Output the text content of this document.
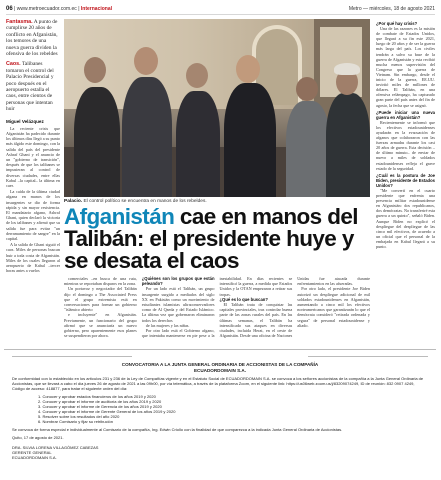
06 | www.metroecuador.com.ec | Internacional	Metro — miércoles, 18 de agosto 2021
Fantasma. A punto de cumplirse 20 años de conflicto en Afganistán, los temores de una nueva guerra dividen la ofensiva de los rebeldes
Caos. Talibanes tomaron el control del Palacio Presidencial y poco después en el aeropuerto estalla el caos, entre cientos de personas que intentan huir
Miguel Velázquez

La reciente crisis que Afganistán ha padecido durante los últimos días llegó a su punto más álgido este domingo, con la salida del país del presidente Ashraf Ghani y el anuncio de un "gobierno de transición", después de que los talibanes se impusieran al control de diversas ciudades, entre ellas Kabul –la capital– la última en caer.

La caída de la última ciudad afgana en manos de los insurgentes se dio de forma rápida y sin mayor resistencia. El mandatario afgano, Ashraf Ghani, quien declaró la victoria de los talibanes y afirmó que su salida fue para evitar "un derramamiento de sangre" en la capital.

A la salida de Ghani siguió el caos. Miles de personas buscan huir a toda costa de Afganistán. Miles de los cuales llegaron al aeropuerto de Kabul –tercer horas antes a vuelos

Palacio. El control político se encuentra en manos de los rebeldes.
Afganistán cae en manos del Talibán: el presidente huye y se desata el caos

comerciales –en busca de una ruta, mientras se reportaban disparos en la zona.

Un portavoz y negociador del Talibán dijo el domingo a The Associated Press que el grupo extremista está en conversaciones para formar un gobierno "islámico abierto

e incluyente" en Afganistán. Previamente, un funcionario del grupo afirmó que se anunciaría un nuevo gobierno, pero aparentemente esos planes se suspendieron por ahora.

¿Quiénes son los grupos que están peleando?

Por un lado está el Talibán, un grupo insurgente surgido a mediados del siglo XX en Pakistán como un movimiento de estudiantes islamistas ultraconservadores como de Al Qaeda y del Estado Islámico. La última vez que gobernaron eliminaron todos los derechos

de las mujeres y las niñas.

Por otro lado está el Gobierno afgano, que intentaba mantenerse en pie pese a la inestabilidad. En días recientes se intensificó la guerra, a medida que Estados Unidos y la OTAN empezaron a retirar sus tropas.

¿Qué es lo que buscan?

El Talibán trata de conquistar las capitales provinciales, tras controlar buena parte de las zonas rurales del país. En las últimas semanas, el Talibán ha intensificado sus ataques en diversas ciudades, incluida Herat, en el oeste de Afganistán. Desde una oficina de Naciones Unidas fue atacada durante enfrentamientos en las afueradas.

Por otro lado, el presidente Joe Biden autorizó un despliegue adicional de mil soldados estadounidenses en Afganistán, aumentando a cinco mil los efectivos norteamericanos que garantizarán lo que el demócrata consideró "retirada ordenada y segura" de personal estadounidense y aliado.

¿Por qué hay crisis?

Una de las razones es la misión de combate de Estados Unidos, que llegará a su fin este 2021, luego de 20 años y de ser la guerra más larga del país. Los civiles tendrán a salvo su base de la guerra de Afganistán y esta recibió mucha menos supervisión del Congreso que la guerra de Vietnam. Sin embargo, desde el inicio de la guerra, EE.UU. invirtió miles de millones de dólares. El Talibán, en una ofensiva relámpago, ha capturado gran parte del país antes del fin de agosto, la fecha que se asignó.

¿Puede iniciar una nueva guerra en Afganistán?

Recientemente se informó que los efectivos estadounidenses ayudarán en la evacuación de afganos que colaboraron con las fuerzas armadas durante los casi 20 años de guerra. Esta decisión –de último minuto– de enviar de nuevo a miles de soldados estadounidenses refleja el grave estado de la seguridad.

¿Cuál es la postura de Joe Biden, presidente de Estados Unidos?

"Me convertí en el cuarto presidente que enfrenta una presencia militar estadounidense en Afganistán: dos republicanos, dos demócratas. No transferiré esta guerra a un quinto", señaló Biden. Aunque Biden no explicó el despliegue del despliegue de las cinco mil efectivos, de acuerdo a un oficial que el personal de la embajada en Kabul llegará a su punto.

CONVOCATORIA A LA JUNTA GENERAL ORDINARIA DE ACCIONISTAS DE LA COMPAÑÍA
ECUADORDOMAIN S.A.
De conformidad con lo establecido en los artículos 231 y 236 de la Ley de Compañías vigente y en el Estatuto Social de ECUADORDOMAIN S.A. se convoca a los señores accionistas de la compañía a la Junta General Ordinaria de Accionistas, que se llevará a cabo el día jueves 26 de agosto de 2021 a las 09h00, por vía telemática, a través de la plataforma Zoom, en el siguiente link: https://us06web.zoom.us/j/83209074249, ID de reunión: 832 0907 4249, Código de acceso: 418877, para tratar el siguiente orden del día:
1. Conocer y aprobar estados financieros de los años 2019 y 2020
2. Conocer y aprobar el informe de auditoría de los años 2019 y 2020
3. Conocer y aprobar el informe de Gerencia de los años 2019 y 2020
4. Conocer y aprobar el informe de Gerente General de los años 2019 y 2020
5. Resolver sobre los resultados del año 2020
6. Nombrar Comisario y fijar su retribución
Se convoca de forma especial e individualmente al Comisario de la compañía, Ing. Edwin Criollo con la finalidad de que comparezca a la indicada Junta General Ordinaria de Accionistas.
Quito, 17 de agosto de 2021.
DRA. SILVIA LORENA VILLAGÓMEZ CABEZAS
GERENTE GENERAL
ECUADORDOMAIN S.A.
